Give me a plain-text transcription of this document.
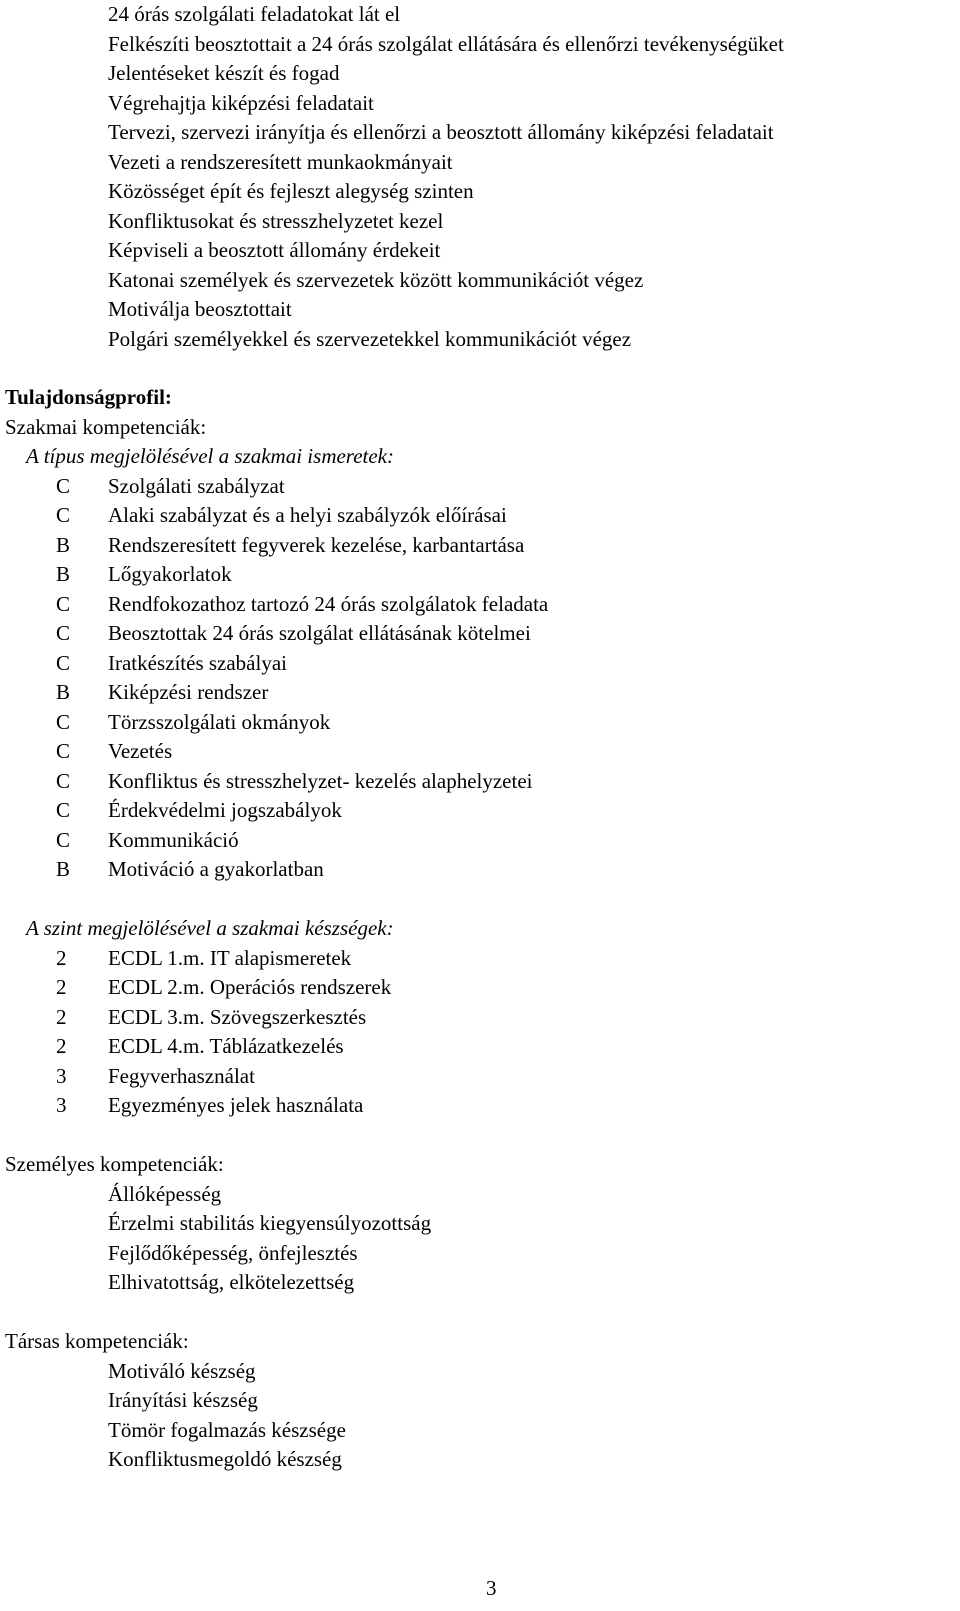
24 órás szolgálati feladatokat lát el
Felkészíti beosztottait a 24 órás szolgálat ellátására és ellenőrzi tevékenységüket
Jelentéseket készít és fogad
Végrehajtja kiképzési feladatait
Tervezi, szervezi irányítja és ellenőrzi a beosztott állomány kiképzési feladatait
Vezeti a rendszeresített munkaokmányait
Közösséget épít és fejleszt alegység szinten
Konfliktusokat és stresszhelyzetet kezel
Képviseli a beosztott állomány érdekeit
Katonai személyek és szervezetek között kommunikációt végez
Motiválja beosztottait
Polgári személyekkel és szervezetekkel kommunikációt végez
Tulajdonságprofil:
Szakmai kompetenciák:
A típus megjelölésével a szakmai ismeretek:
C Szolgálati szabályzat
C Alaki szabályzat és a helyi szabályzók előírásai
B Rendszeresített fegyverek kezelése, karbantartása
B Lőgyakorlatok
C Rendfokozathoz tartozó 24 órás szolgálatok feladata
C Beosztottak 24 órás szolgálat ellátásának kötelmei
C Iratkészítés szabályai
B Kiképzési rendszer
C Törzsszolgálati okmányok
C Vezetés
C Konfliktus és stresszhelyzet- kezelés alaphelyzetei
C Érdekvédelmi jogszabályok
C Kommunikáció
B Motiváció a gyakorlatban
A szint megjelölésével a szakmai készségek:
2 ECDL 1.m. IT alapismeretek
2 ECDL 2.m. Operációs rendszerek
2 ECDL 3.m. Szövegszerkesztés
2 ECDL 4.m. Táblázatkezelés
3 Fegyverhasználat
3 Egyezményes jelek használata
Személyes kompetenciák:
Állóképesség
Érzelmi stabilitás kiegyensúlyozottság
Fejlődőképesség, önfejlesztés
Elhivatottság, elkötelezettség
Társas kompetenciák:
Motiváló készség
Irányítási készség
Tömör fogalmazás készsége
Konfliktusmegoldó készség
3
